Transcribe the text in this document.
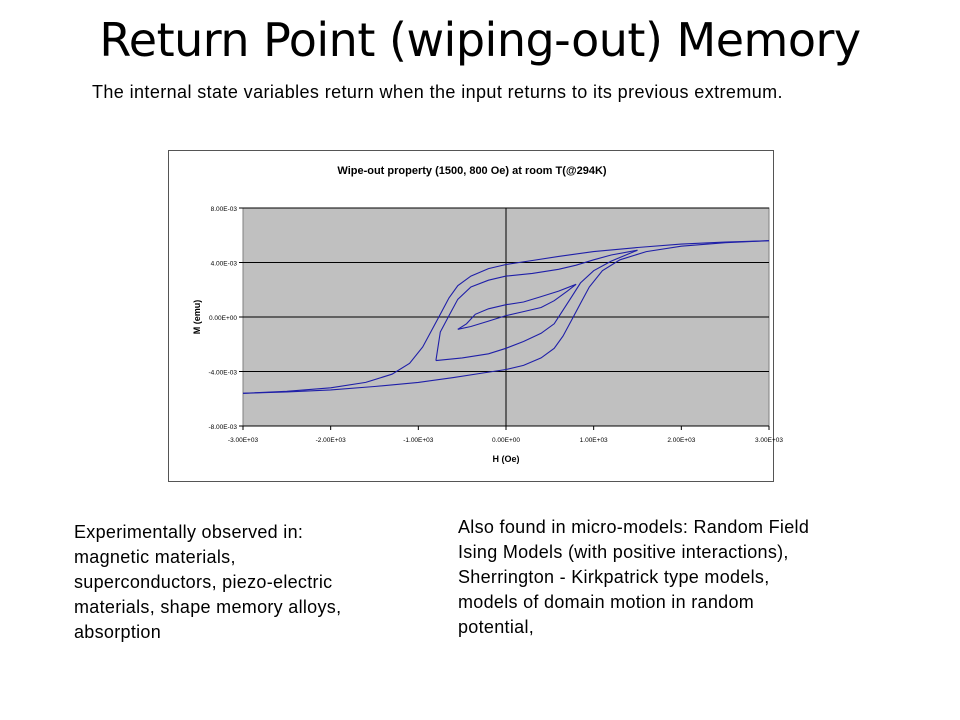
Return Point (wiping-out) Memory
The internal state variables return when the input returns to its previous extremum.
Wipe-out property (1500, 800 Oe) at room T(@294K)
8.00E-03
4.00E-03
0.00E+00
-4.00E-03
-8.00E-03
-3.00E+03	-2.00E+03	-1.00E+03	0.00E+00	1.00E+03	2.00E+03	3.00E+03
H (Oe)
M (emu)
Experimentally observed in:
magnetic materials,
superconductors, piezo-electric
materials, shape memory alloys,
absorption
Also found in micro-models: Random Field
Ising Models (with positive interactions),
Sherrington - Kirkpatrick type models,
models of domain motion in random
potential,
